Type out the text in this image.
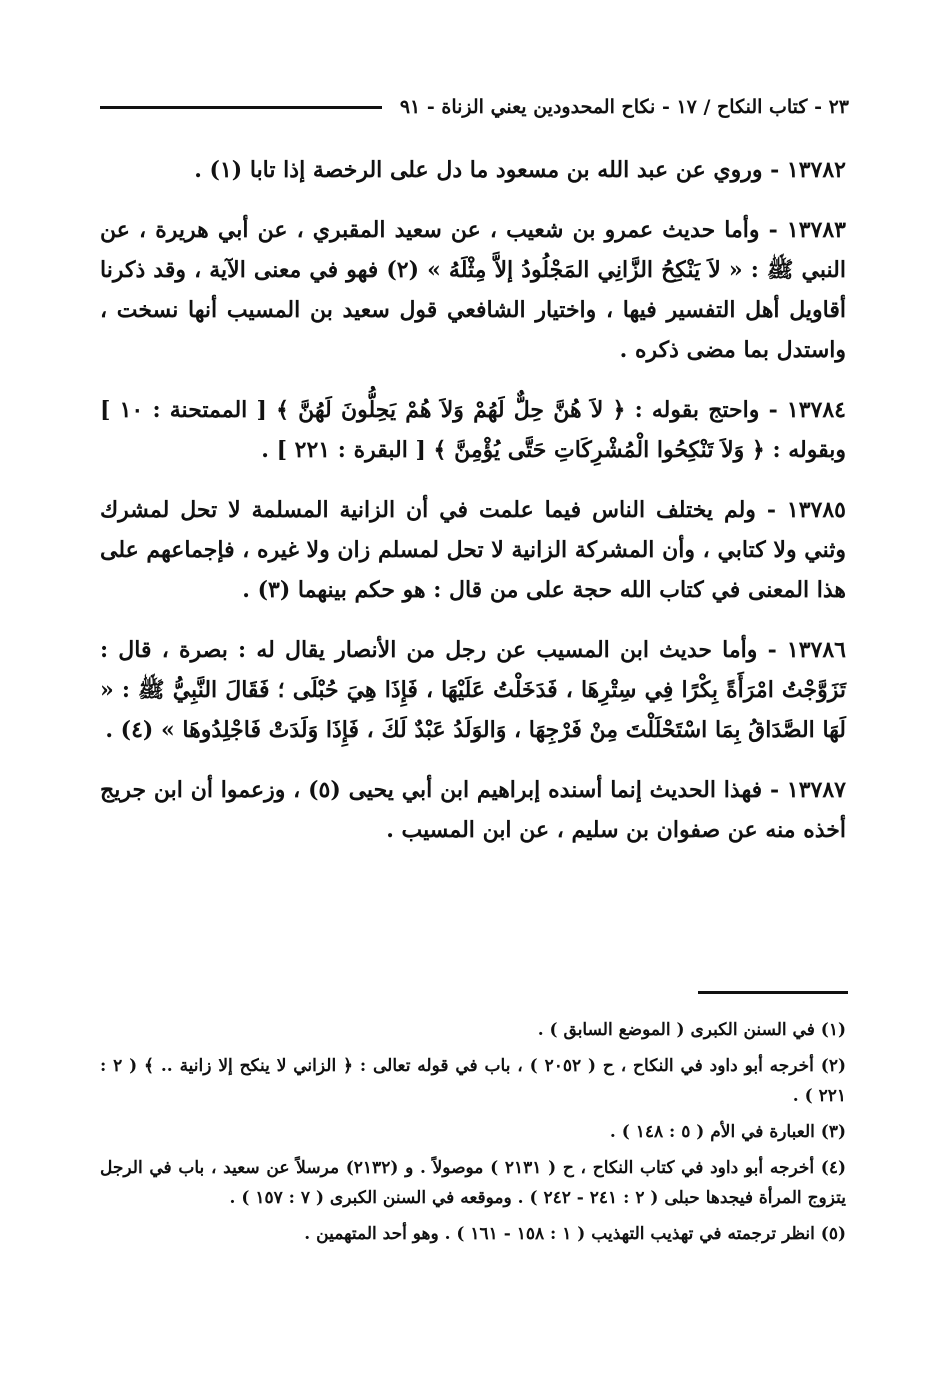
٢٣ - كتاب النكاح / ١٧ - نكاح المحدودين يعني الزناة - ٩١

١٣٧٨٢ - وروي عن عبد الله بن مسعود ما دل على الرخصة إذا تابا (١) .

١٣٧٨٣ - وأما حديث عمرو بن شعيب ، عن سعيد المقبري ، عن أبي هريرة ، عن النبي ﷺ : « لاَ يَنْكِحُ الزَّانِي المَجْلُودُ إلاَّ مِثْلَهُ » (٢) فهو في معنى الآية ، وقد ذكرنا أقاويل أهل التفسير فيها ، واختيار الشافعي قول سعيد بن المسيب أنها نسخت ، واستدل بما مضى ذكره .

١٣٧٨٤ - واحتج بقوله : ﴿ لاَ هُنَّ حِلٌّ لَهُمْ وَلاَ هُمْ يَحِلُّونَ لَهُنَّ ﴾ [ الممتحنة : ١٠ ] وبقوله : ﴿ وَلاَ تَنْكِحُوا الْمُشْرِكَاتِ حَتَّى يُؤْمِنَّ ﴾ [ البقرة : ٢٢١ ] .

١٣٧٨٥ - ولم يختلف الناس فيما علمت في أن الزانية المسلمة لا تحل لمشرك وثني ولا كتابي ، وأن المشركة الزانية لا تحل لمسلم زان ولا غيره ، فإجماعهم على هذا المعنى في كتاب الله حجة على من قال : هو حكم بينهما (٣) .

١٣٧٨٦ - وأما حديث ابن المسيب عن رجل من الأنصار يقال له : بصرة ، قال : تَزَوَّجْتُ امْرَأَةً بِكْرًا فِي سِتْرِهَا ، فَدَخَلْتُ عَلَيْهَا ، فَإِذَا هِيَ حُبْلَى ؛ فَقَالَ النَّبِيُّ ﷺ : « لَهَا الصَّدَاقُ بِمَا اسْتَحْلَلْتَ مِنْ فَرْجِهَا ، وَالوَلَدُ عَبْدٌ لَكَ ، فَإِذَا وَلَدَتْ فَاجْلِدُوهَا » (٤) .

١٣٧٨٧ - فهذا الحديث إنما أسنده إبراهيم ابن أبي يحيى (٥) ، وزعموا أن ابن جريج أخذه منه عن صفوان بن سليم ، عن ابن المسيب .

(١) في السنن الكبرى ( الموضع السابق ) .

(٢) أخرجه أبو داود في النكاح ، ح ( ٢٠٥٢ ) ، باب في قوله تعالى : ﴿ الزاني لا ينكح إلا زانية .. ﴾ ( ٢ : ٢٢١ ) .

(٣) العبارة في الأم ( ٥ : ١٤٨ ) .

(٤) أخرجه أبو داود في كتاب النكاح ، ح ( ٢١٣١ ) موصولاً . و (٢١٣٢) مرسلاً عن سعيد ، باب في الرجل يتزوج المرأة فيجدها حبلى ( ٢ : ٢٤١ - ٢٤٢ ) . وموقعه في السنن الكبرى ( ٧ : ١٥٧ ) .

(٥) انظر ترجمته في تهذيب التهذيب ( ١ : ١٥٨ - ١٦١ ) . وهو أحد المتهمين .
